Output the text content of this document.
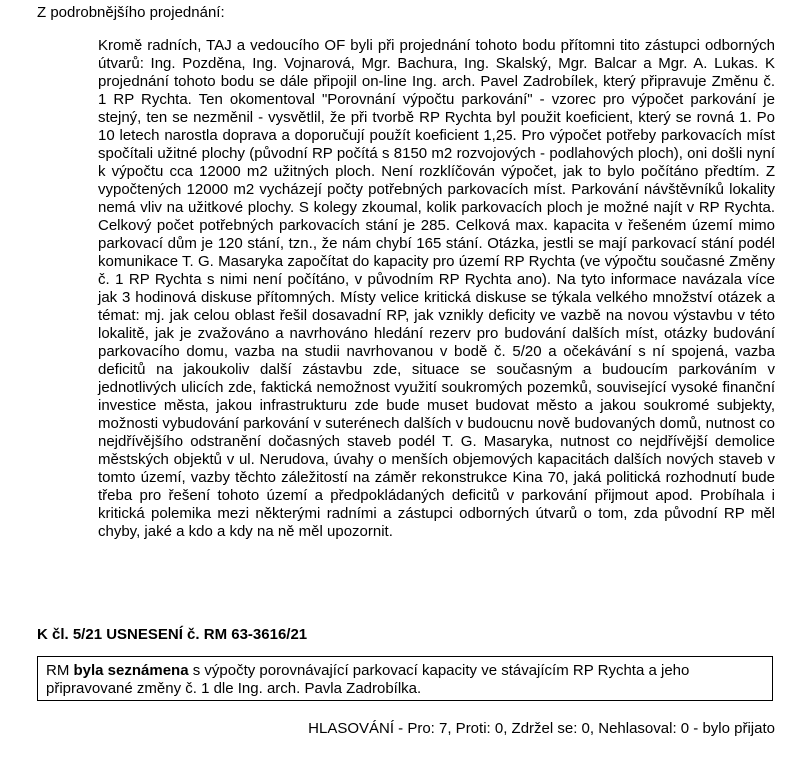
Z podrobnějšího projednání:

Kromě radních, TAJ a vedoucího OF byli při projednání tohoto bodu přítomni tito zástupci odborných útvarů: Ing. Pozděna, Ing. Vojnarová, Mgr. Bachura, Ing. Skalský, Mgr. Balcar a Mgr. A. Lukas. K projednání tohoto bodu se dále připojil on-line Ing. arch. Pavel Zadrobílek, který připravuje Změnu č. 1 RP Rychta. Ten okomentoval "Porovnání výpočtu parkování" - vzorec pro výpočet parkování je stejný, ten se nezměnil - vysvětlil, že při tvorbě RP Rychta byl použit koeficient, který se rovná 1. Po 10 letech narostla doprava a doporučují použít koeficient 1,25. Pro výpočet potřeby parkovacích míst spočítali užitné plochy (původní RP počítá s 8150 m2 rozvojových - podlahových ploch), oni došli nyní k výpočtu cca 12000 m2 užitných ploch. Není rozklíčován výpočet, jak to bylo počítáno předtím. Z vypočtených 12000 m2 vycházejí počty potřebných parkovacích míst. Parkování návštěvníků lokality nemá vliv na užitkové plochy. S kolegy zkoumal, kolik parkovacích ploch je možné najít v RP Rychta. Celkový počet potřebných parkovacích stání je 285. Celková max. kapacita v řešeném území mimo parkovací dům je 120 stání, tzn., že nám chybí 165 stání. Otázka, jestli se mají parkovací stání podél komunikace T. G. Masaryka započítat do kapacity pro území RP Rychta (ve výpočtu současné Změny č. 1 RP Rychta s nimi není počítáno, v původním RP Rychta ano). Na tyto informace navázala více jak 3 hodinová diskuse přítomných. Místy velice kritická diskuse se týkala velkého množství otázek a témat: mj. jak celou oblast řešil dosavadní RP, jak vznikly deficity ve vazbě na novou výstavbu v této lokalitě, jak je zvažováno a navrhováno hledání rezerv pro budování dalších míst, otázky budování parkovacího domu, vazba na studii navrhovanou v bodě č. 5/20 a očekávání s ní spojená, vazba deficitů na jakoukoliv další zástavbu zde, situace se současným a budoucím parkováním v jednotlivých ulicích zde, faktická nemožnost využití soukromých pozemků, související vysoké finanční investice města, jakou infrastrukturu zde bude muset budovat město a jakou soukromé subjekty, možnosti vybudování parkování v suterénech dalších v budoucnu nově budovaných domů, nutnost co nejdřívějšího odstranění dočasných staveb podél T. G. Masaryka, nutnost co nejdřívější demolice městských objektů v ul. Nerudova, úvahy o menších objemových kapacitách dalších nových staveb v tomto území, vazby těchto záležitostí na záměr rekonstrukce Kina 70, jaká politická rozhodnutí bude třeba pro řešení tohoto území a předpokládaných deficitů v parkování přijmout apod. Probíhala i kritická polemika mezi některými radními a zástupci odborných útvarů o tom, zda původní RP měl chyby, jaké a kdo a kdy na ně měl upozornit.

K čl. 5/21 USNESENÍ č. RM 63-3616/21
RM byla seznámena s výpočty porovnávající parkovací kapacity ve stávajícím RP Rychta a jeho připravované změny č. 1 dle Ing. arch. Pavla Zadrobílka.
HLASOVÁNÍ - Pro: 7, Proti: 0, Zdržel se: 0, Nehlasoval: 0 - bylo přijato
